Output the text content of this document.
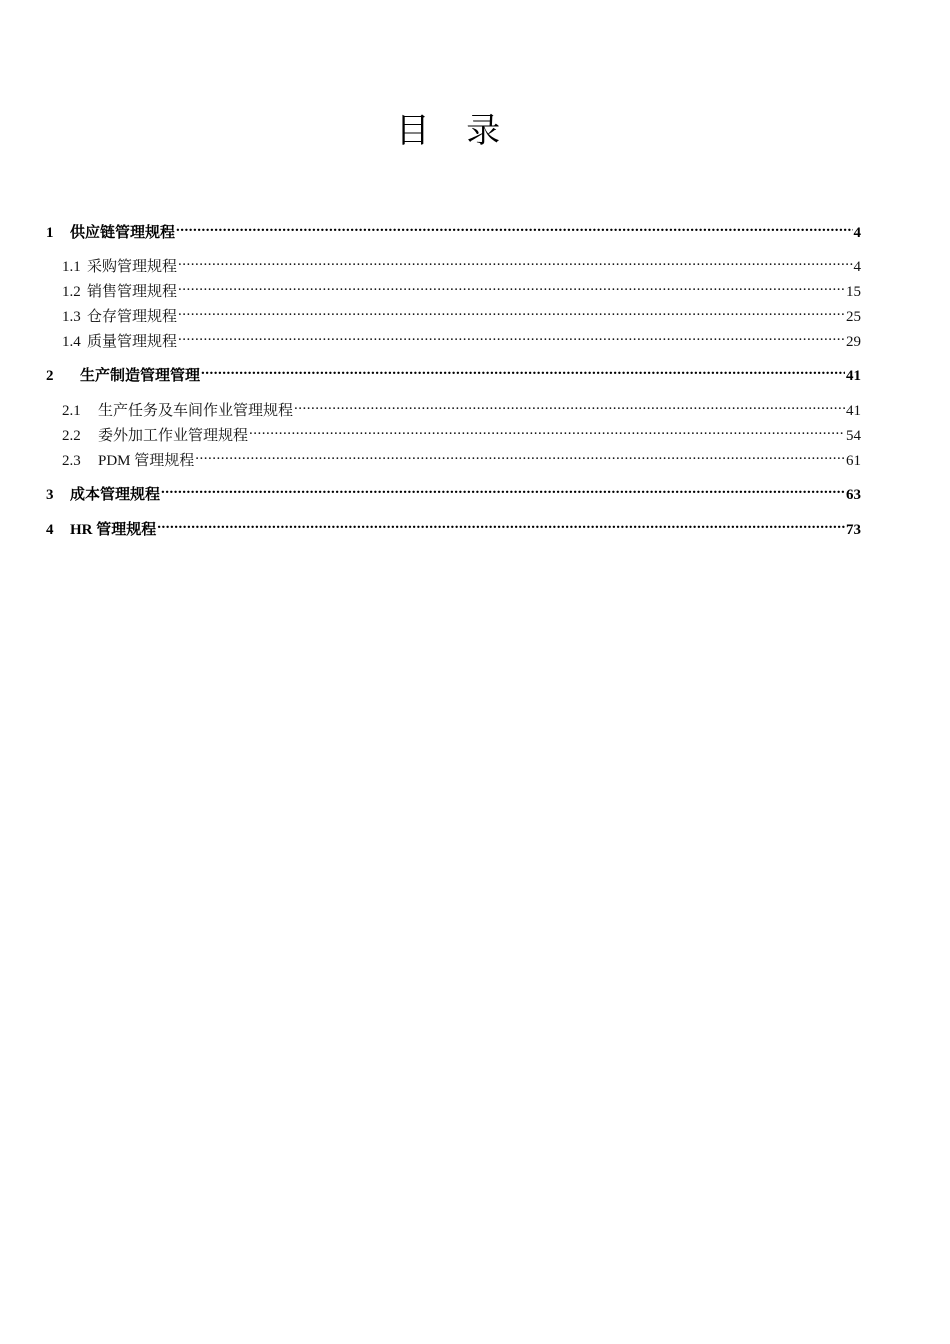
目 录
1	供应链管理规程 .....	4
1.1 采购管理规程 .....	4
1.2 销售管理规程 .....	15
1.3 仓存管理规程 .....	25
1.4 质量管理规程 .....	29
2	生产制造管理管理 .....	41
2.1	生产任务及车间作业管理规程 .....	41
2.2	委外加工作业管理规程 .....	54
2.3	PDM 管理规程 .....	61
3	成本管理规程 .....	63
4	HR 管理规程 .....	73
